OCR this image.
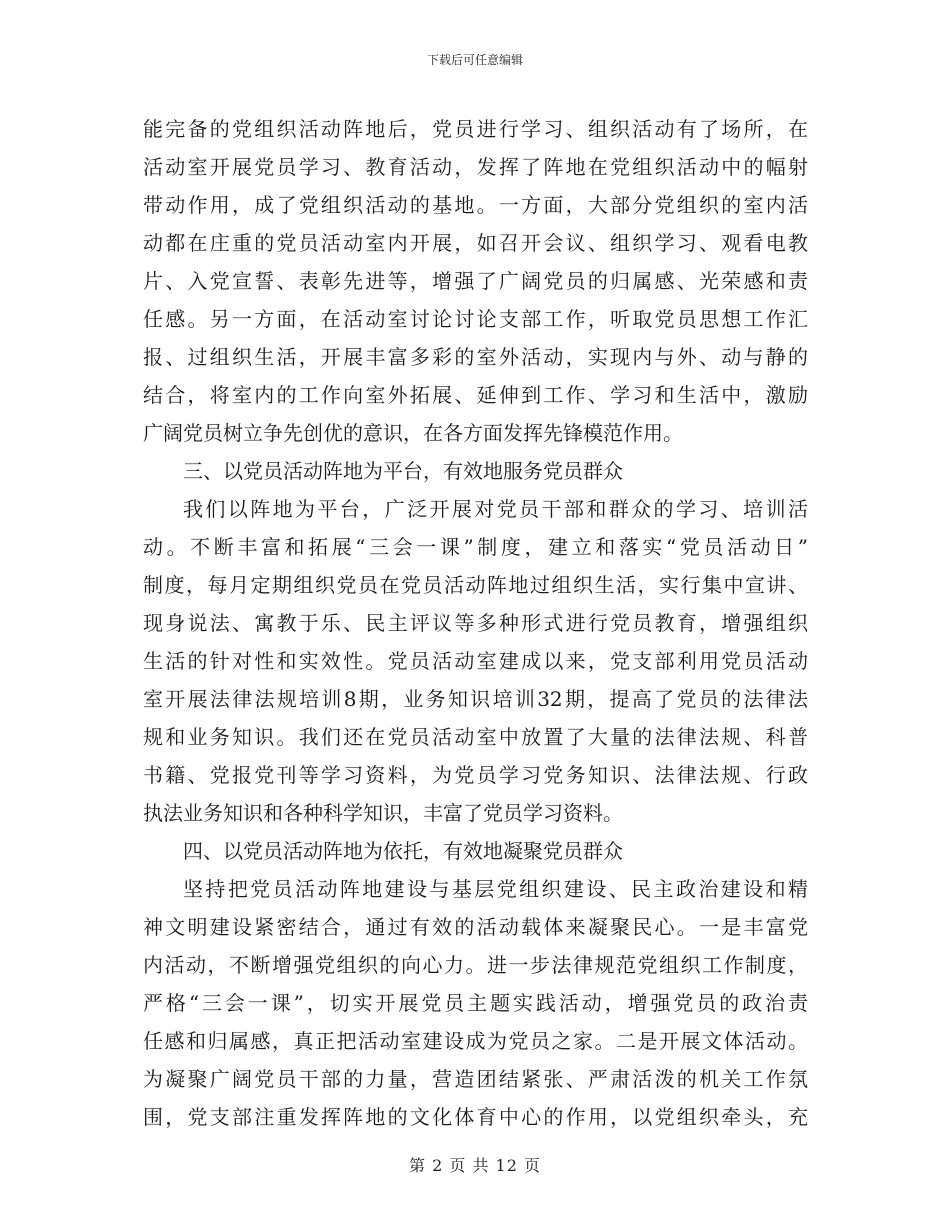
下载后可任意编辑
能完备的党组织活动阵地后，党员进行学习、组织活动有了场所，在
活动室开展党员学习、教育活动，发挥了阵地在党组织活动中的幅射
带动作用，成了党组织活动的基地。一方面，大部分党组织的室内活
动都在庄重的党员活动室内开展，如召开会议、组织学习、观看电教
片、入党宣誓、表彰先进等，增强了广阔党员的归属感、光荣感和责
任感。另一方面，在活动室讨论讨论支部工作，听取党员思想工作汇
报、过组织生活，开展丰富多彩的室外活动，实现内与外、动与静的
结合，将室内的工作向室外拓展、延伸到工作、学习和生活中，激励
广阔党员树立争先创优的意识，在各方面发挥先锋模范作用。
三、以党员活动阵地为平台，有效地服务党员群众
我们以阵地为平台，广泛开展对党员干部和群众的学习、培训活
动。不断丰富和拓展“三会一课”制度，建立和落实“党员活动日”
制度，每月定期组织党员在党员活动阵地过组织生活，实行集中宣讲、
现身说法、寓教于乐、民主评议等多种形式进行党员教育，增强组织
生活的针对性和实效性。党员活动室建成以来，党支部利用党员活动
室开展法律法规培训8期，业务知识培训32期，提高了党员的法律法
规和业务知识。我们还在党员活动室中放置了大量的法律法规、科普
书籍、党报党刊等学习资料，为党员学习党务知识、法律法规、行政
执法业务知识和各种科学知识，丰富了党员学习资料。
四、以党员活动阵地为依托，有效地凝聚党员群众
坚持把党员活动阵地建设与基层党组织建设、民主政治建设和精
神文明建设紧密结合，通过有效的活动载体来凝聚民心。一是丰富党
内活动，不断增强党组织的向心力。进一步法律规范党组织工作制度，
严格“三会一课”，切实开展党员主题实践活动，增强党员的政治责
任感和归属感，真正把活动室建设成为党员之家。二是开展文体活动。
为凝聚广阔党员干部的力量，营造团结紧张、严肃活泼的机关工作氛
围，党支部注重发挥阵地的文化体育中心的作用，以党组织牵头，充
第 2 页 共 12 页
